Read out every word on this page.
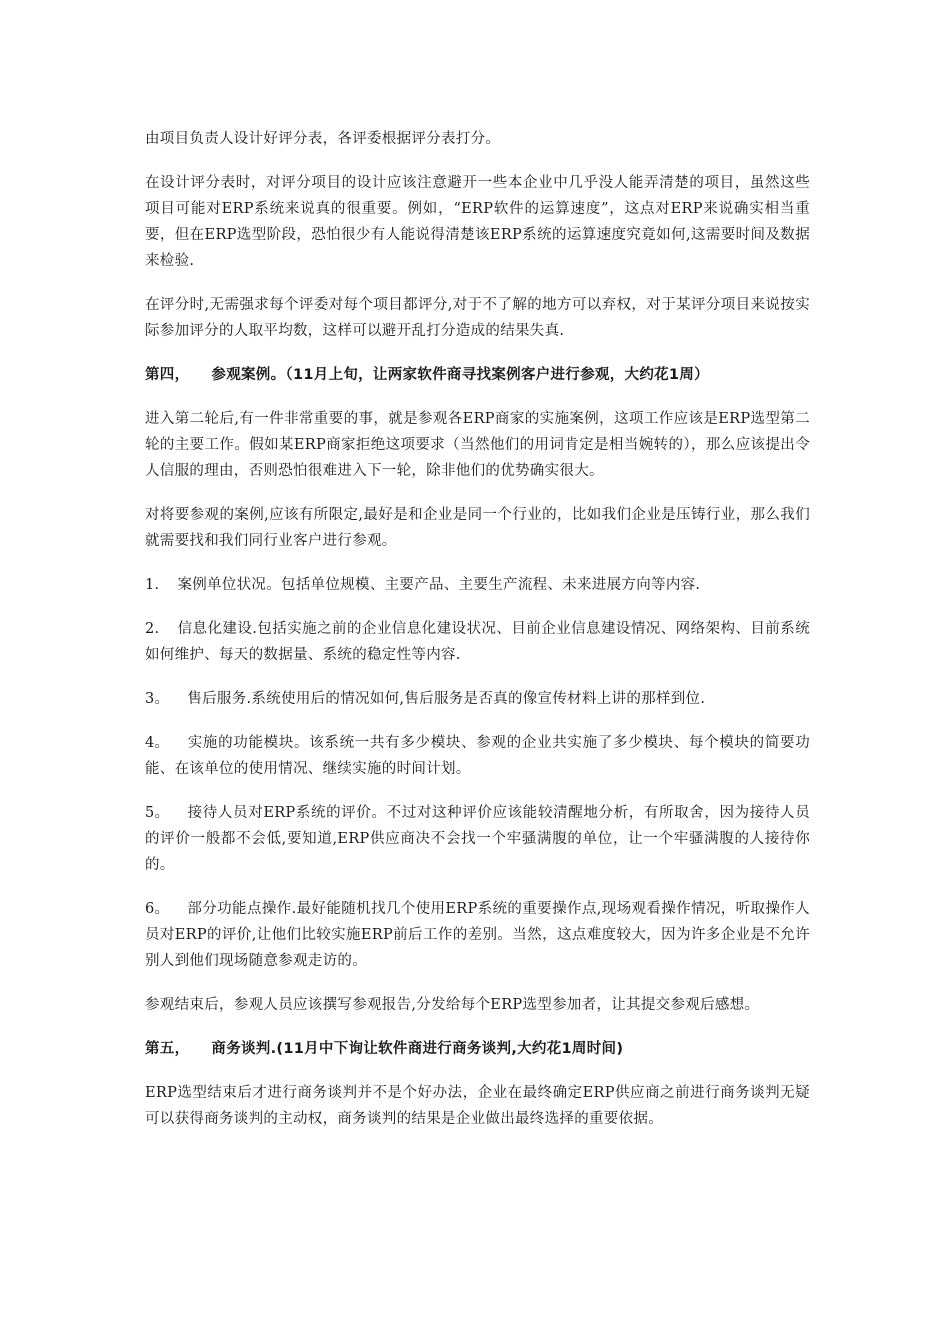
由项目负责人设计好评分表，各评委根据评分表打分。

在设计评分表时，对评分项目的设计应该注意避开一些本企业中几乎没人能弄清楚的项目，虽然这些项目可能对ERP系统来说真的很重要。例如，“ERP软件的运算速度”，这点对ERP来说确实相当重要，但在ERP选型阶段，恐怕很少有人能说得清楚该ERP系统的运算速度究竟如何,这需要时间及数据来检验.

在评分时,无需强求每个评委对每个项目都评分,对于不了解的地方可以弃权，对于某评分项目来说按实际参加评分的人取平均数，这样可以避开乱打分造成的结果失真.

第四， 参观案例。（11月上旬，让两家软件商寻找案例客户进行参观，大约花1周）

进入第二轮后,有一件非常重要的事，就是参观各ERP商家的实施案例，这项工作应该是ERP选型第二轮的主要工作。假如某ERP商家拒绝这项要求（当然他们的用词肯定是相当婉转的），那么应该提出令人信服的理由，否则恐怕很难进入下一轮，除非他们的优势确实很大。

对将要参观的案例,应该有所限定,最好是和企业是同一个行业的，比如我们企业是压铸行业，那么我们就需要找和我们同行业客户进行参观。

1. 案例单位状况。包括单位规模、主要产品、主要生产流程、未来进展方向等内容.

2. 信息化建设.包括实施之前的企业信息化建设状况、目前企业信息建设情况、网络架构、目前系统如何维护、每天的数据量、系统的稳定性等内容.

3。 售后服务.系统使用后的情况如何,售后服务是否真的像宣传材料上讲的那样到位.

4。 实施的功能模块。该系统一共有多少模块、参观的企业共实施了多少模块、每个模块的简要功能、在该单位的使用情况、继续实施的时间计划。

5。 接待人员对ERP系统的评价。不过对这种评价应该能较清醒地分析，有所取舍，因为接待人员的评价一般都不会低,要知道,ERP供应商决不会找一个牢骚满腹的单位，让一个牢骚满腹的人接待你的。

6。 部分功能点操作.最好能随机找几个使用ERP系统的重要操作点,现场观看操作情况，听取操作人员对ERP的评价,让他们比较实施ERP前后工作的差别。当然，这点难度较大，因为许多企业是不允许别人到他们现场随意参观走访的。

参观结束后，参观人员应该撰写参观报告,分发给每个ERP选型参加者，让其提交参观后感想。

第五， 商务谈判.(11月中下询让软件商进行商务谈判,大约花1周时间)

ERP选型结束后才进行商务谈判并不是个好办法，企业在最终确定ERP供应商之前进行商务谈判无疑可以获得商务谈判的主动权，商务谈判的结果是企业做出最终选择的重要依据。
